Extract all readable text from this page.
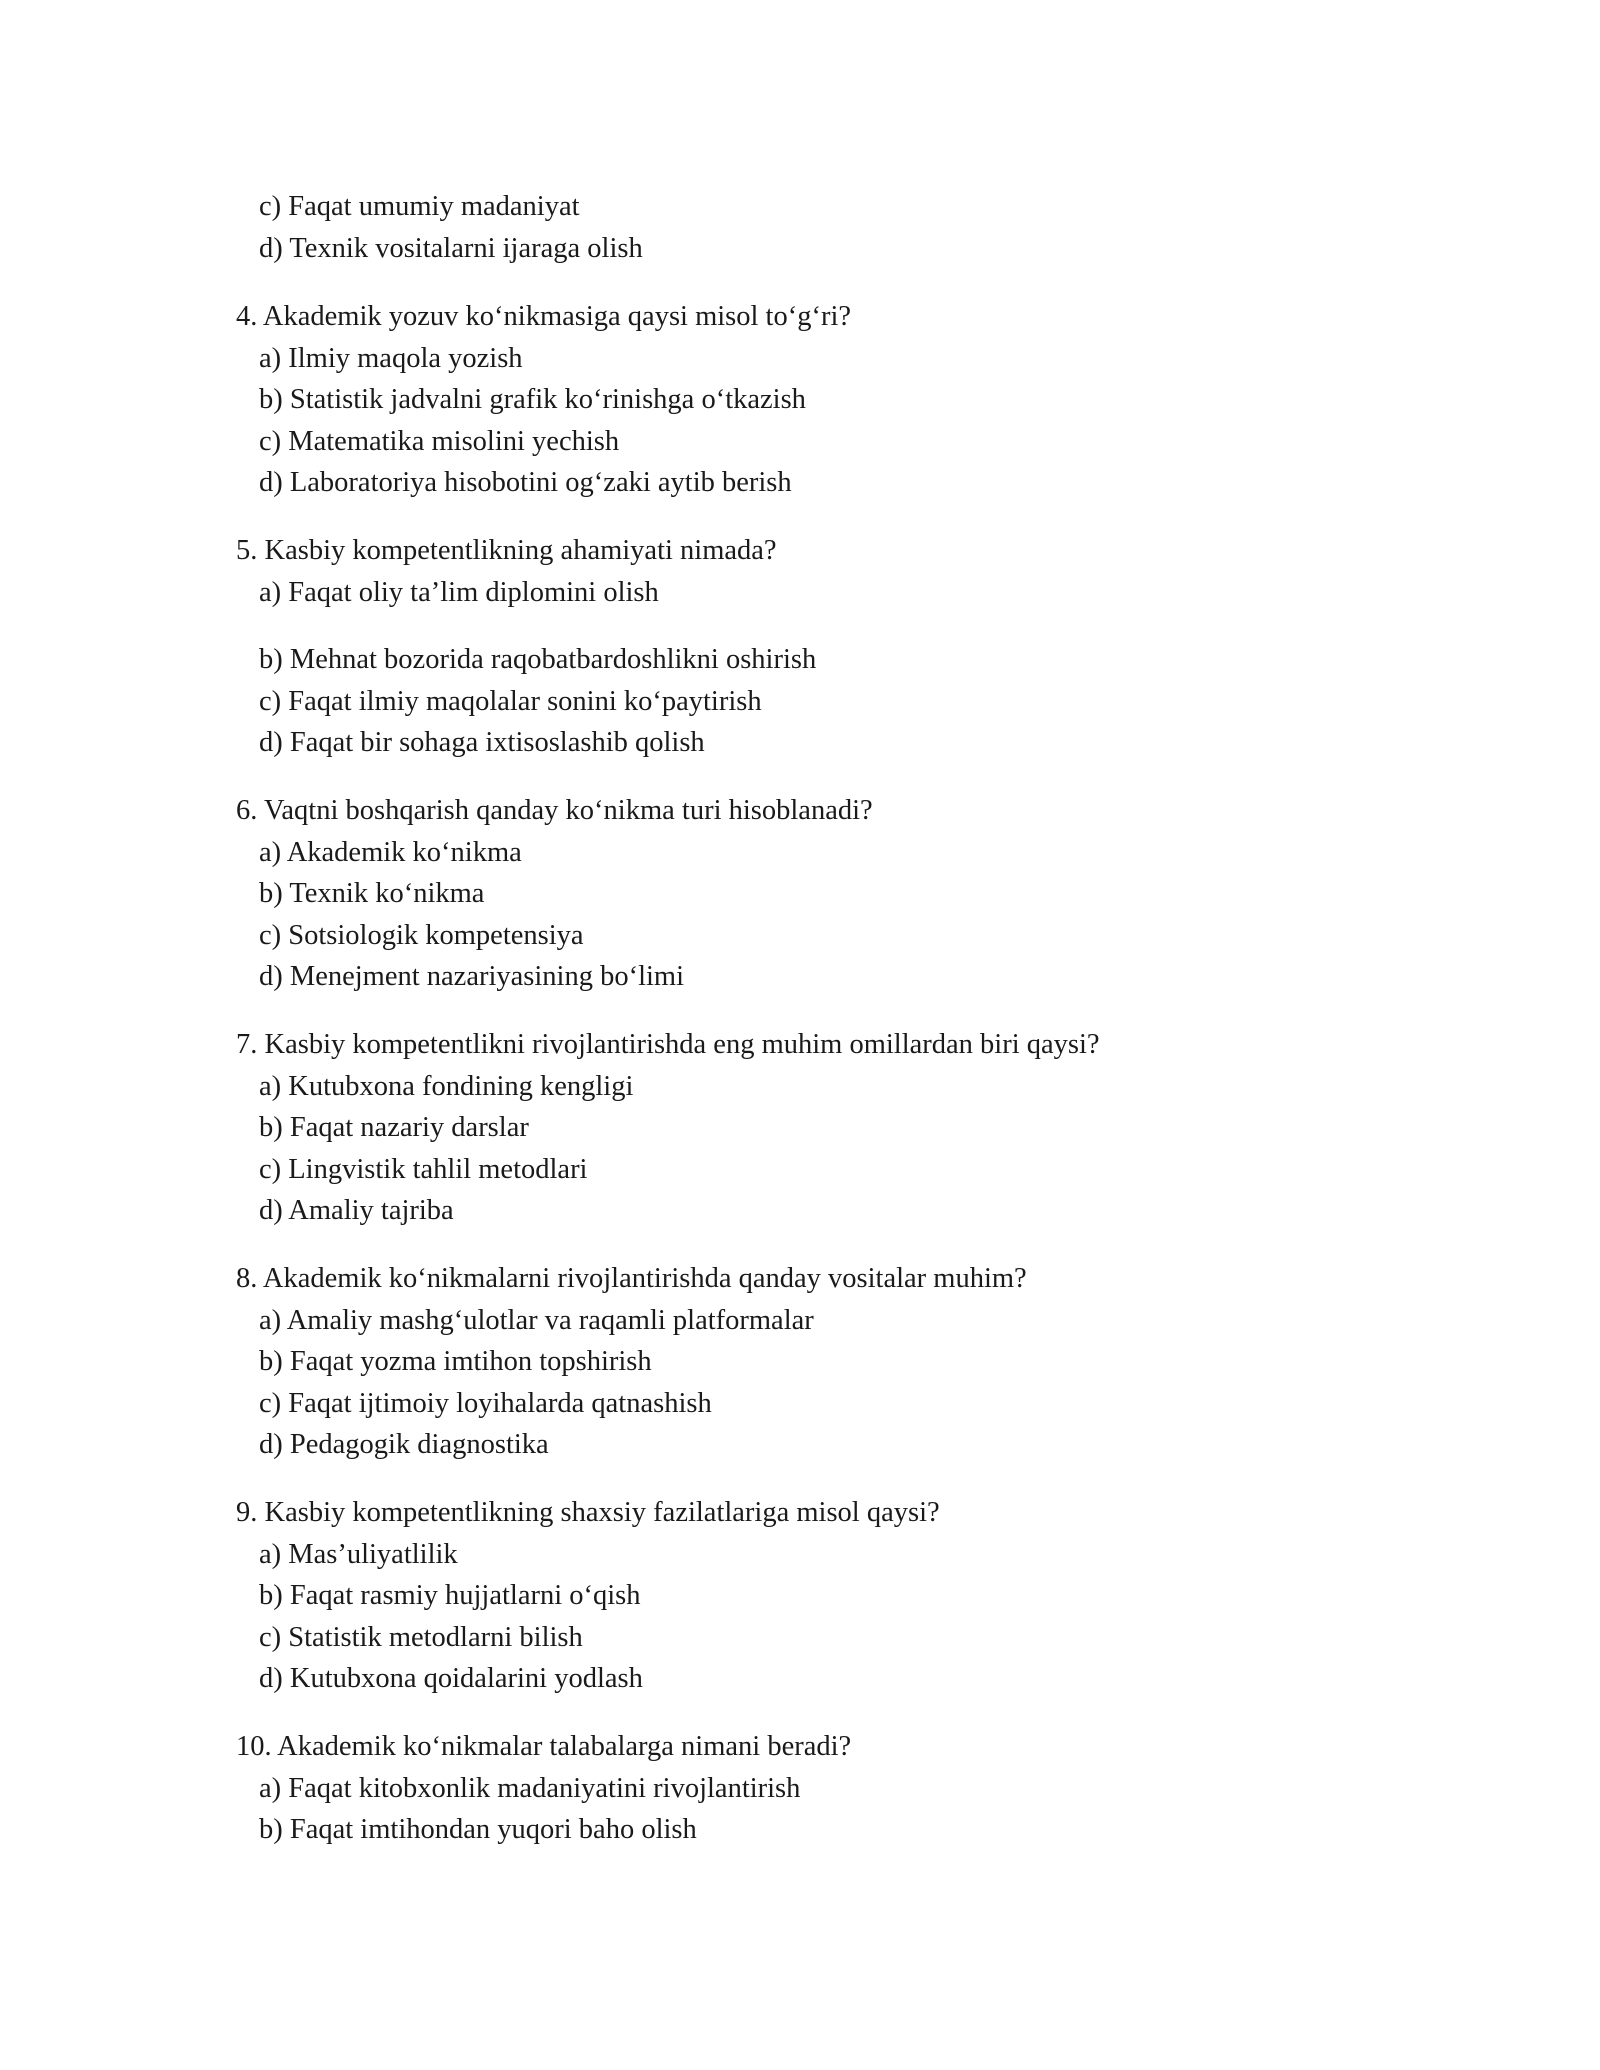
c) Faqat umumiy madaniyat
d) Texnik vositalarni ijaraga olish
4. Akademik yozuv ko‘nikmasiga qaysi misol to‘g‘ri?
a) Ilmiy maqola yozish
b) Statistik jadvalni grafik ko‘rinishga o‘tkazish
c) Matematika misolini yechish
d) Laboratoriya hisobotini og‘zaki aytib berish
5. Kasbiy kompetentlikning ahamiyati nimada?
a) Faqat oliy ta’lim diplomini olish
b) Mehnat bozorida raqobatbardoshlikni oshirish
c) Faqat ilmiy maqolalar sonini ko‘paytirish
d) Faqat bir sohaga ixtisoslashib qolish
6. Vaqtni boshqarish qanday ko‘nikma turi hisoblanadi?
a) Akademik ko‘nikma
b) Texnik ko‘nikma
c) Sotsiologik kompetensiya
d) Menejment nazariyasining bo‘limi
7. Kasbiy kompetentlikni rivojlantirishda eng muhim omillardan biri qaysi?
a) Kutubxona fondining kengligi
b) Faqat nazariy darslar
c) Lingvistik tahlil metodlari
d) Amaliy tajriba
8. Akademik ko‘nikmalarni rivojlantirishda qanday vositalar muhim?
a) Amaliy mashg‘ulotlar va raqamli platformalar
b) Faqat yozma imtihon topshirish
c) Faqat ijtimoiy loyihalarda qatnashish
d) Pedagogik diagnostika
9. Kasbiy kompetentlikning shaxsiy fazilatlariga misol qaysi?
a) Mas’uliyatlilik
b) Faqat rasmiy hujjatlarni o‘qish
c) Statistik metodlarni bilish
d) Kutubxona qoidalarini yodlash
10. Akademik ko‘nikmalar talabalarga nimani beradi?
a) Faqat kitobxonlik madaniyatini rivojlantirish
b) Faqat imtihondan yuqori baho olish
